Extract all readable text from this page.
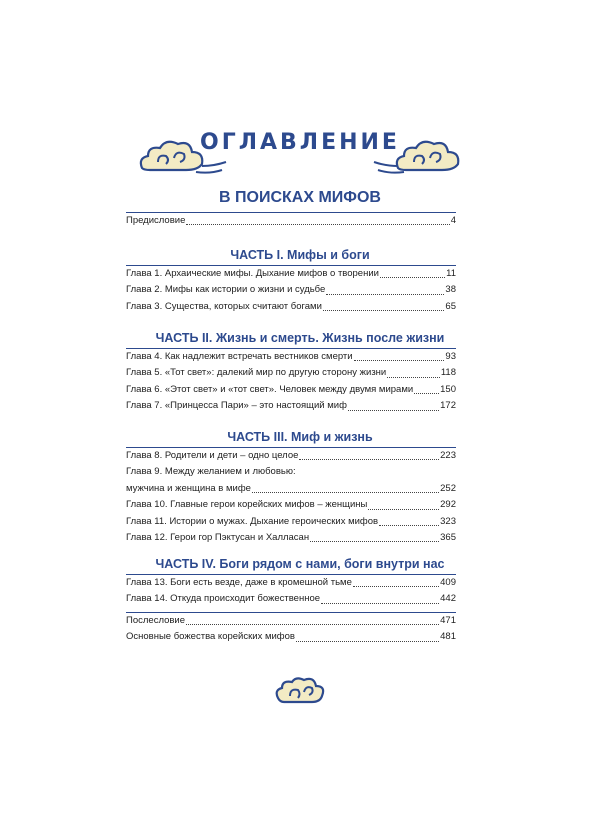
ОГЛАВЛЕНИЕ
В ПОИСКАХ МИФОВ
Предисловие	4
ЧАСТЬ I. Мифы и боги
Глава 1. Архаические мифы. Дыхание мифов о творении	11
Глава 2. Мифы как истории о жизни и судьбе	38
Глава 3. Существа, которых считают богами	65
ЧАСТЬ II. Жизнь и смерть. Жизнь после жизни
Глава 4. Как надлежит встречать вестников смерти	93
Глава 5. «Тот свет»: далекий мир по другую сторону жизни	118
Глава 6. «Этот свет» и «тот свет». Человек между двумя мирами	150
Глава 7. «Принцесса Пари» – это настоящий миф	172
ЧАСТЬ III. Миф и жизнь
Глава 8. Родители и дети – одно целое	223
Глава 9. Между желанием и любовью:
мужчина и женщина в мифе	252
Глава 10. Главные герои корейских мифов – женщины	292
Глава 11. Истории о мужах. Дыхание героических мифов	323
Глава 12. Герои гор Пэктусан и Халласан	365
ЧАСТЬ IV. Боги рядом с нами, боги внутри нас
Глава 13. Боги есть везде, даже в кромешной тьме	409
Глава 14. Откуда происходит божественное	442
Послесловие	471
Основные божества корейских мифов	481
